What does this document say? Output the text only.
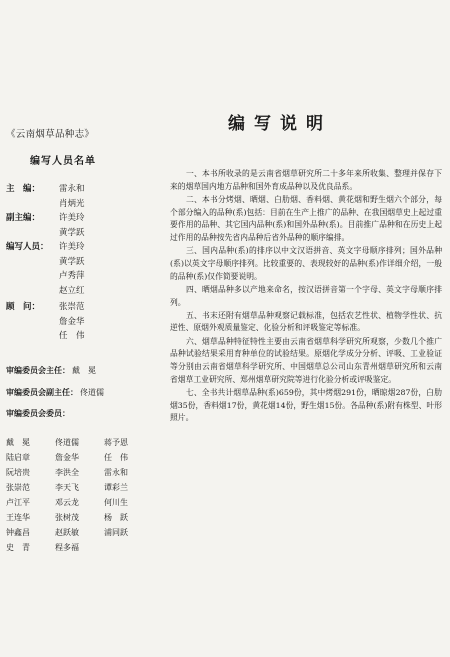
《云南烟草品种志》
编写人员名单
主　编： 雷永和
肖炳光
副主编： 许美玲
黄学跃
编写人员： 许美玲
黄学跃
卢秀萍
赵立红
顾　问： 张崇范
詹金华
任　伟
审编委员会主任： 戴　冕
审编委员会副主任： 佟道儒
审编委员会委员：
戴　冕	佟道儒	蒋予恩
陆启章	詹金华	任　伟
阮培贵	李洪全	雷永和
张崇范	李天飞	谭彩兰
卢江平	邓云龙	何川生
王连华	张树茂	杨　跃
钟鑫昌	赵跃敏	浦同跃
史　青	程多福
编写说明

一、本书所收录的是云南省烟草研究所二十多年来所收集、整理并保存下来的烟草国内地方品种和国外育成品种以及优良品系。

二、本书分烤烟、晒烟、白肋烟、香料烟、黄花烟和野生烟六个部分，每个部分编入的品种(系)包括：目前在生产上推广的品种、在我国烟草史上起过重要作用的品种、其它国内品种(系)和国外品种(系)。目前推广品种和在历史上起过作用的品种按先省内品种后省外品种的顺序编排。

三、国内品种(系)的排序以中文汉语拼音、英文字母顺序排列；国外品种(系)以英文字母顺序排列。比较重要的、表现较好的品种(系)作详细介绍，一般的品种(系)仅作简要说明。

四、晒烟品种多以产地来命名，按汉语拼音第一个字母、英文字母顺序排列。

五、书末还附有烟草品种观察记载标准，包括农艺性状、植物学性状、抗逆性、原烟外观质量鉴定、化验分析和评吸鉴定等标准。

六、烟草品种特征特性主要由云南省烟草科学研究所观察，少数几个推广品种试验结果采用育种单位的试验结果。原烟化学成分分析、评吸、工业验证等分别由云南省烟草科学研究所、中国烟草总公司山东青州烟草研究所和云南省烟草工业研究所、郑州烟草研究院等进行化验分析或评吸鉴定。

七、全书共计烟草品种(系)659份，其中烤烟291份，晒晾烟287份，白肋烟35份，香料烟17份，黄花烟14份，野生烟15份。各品种(系)附有株型、叶形照片。
